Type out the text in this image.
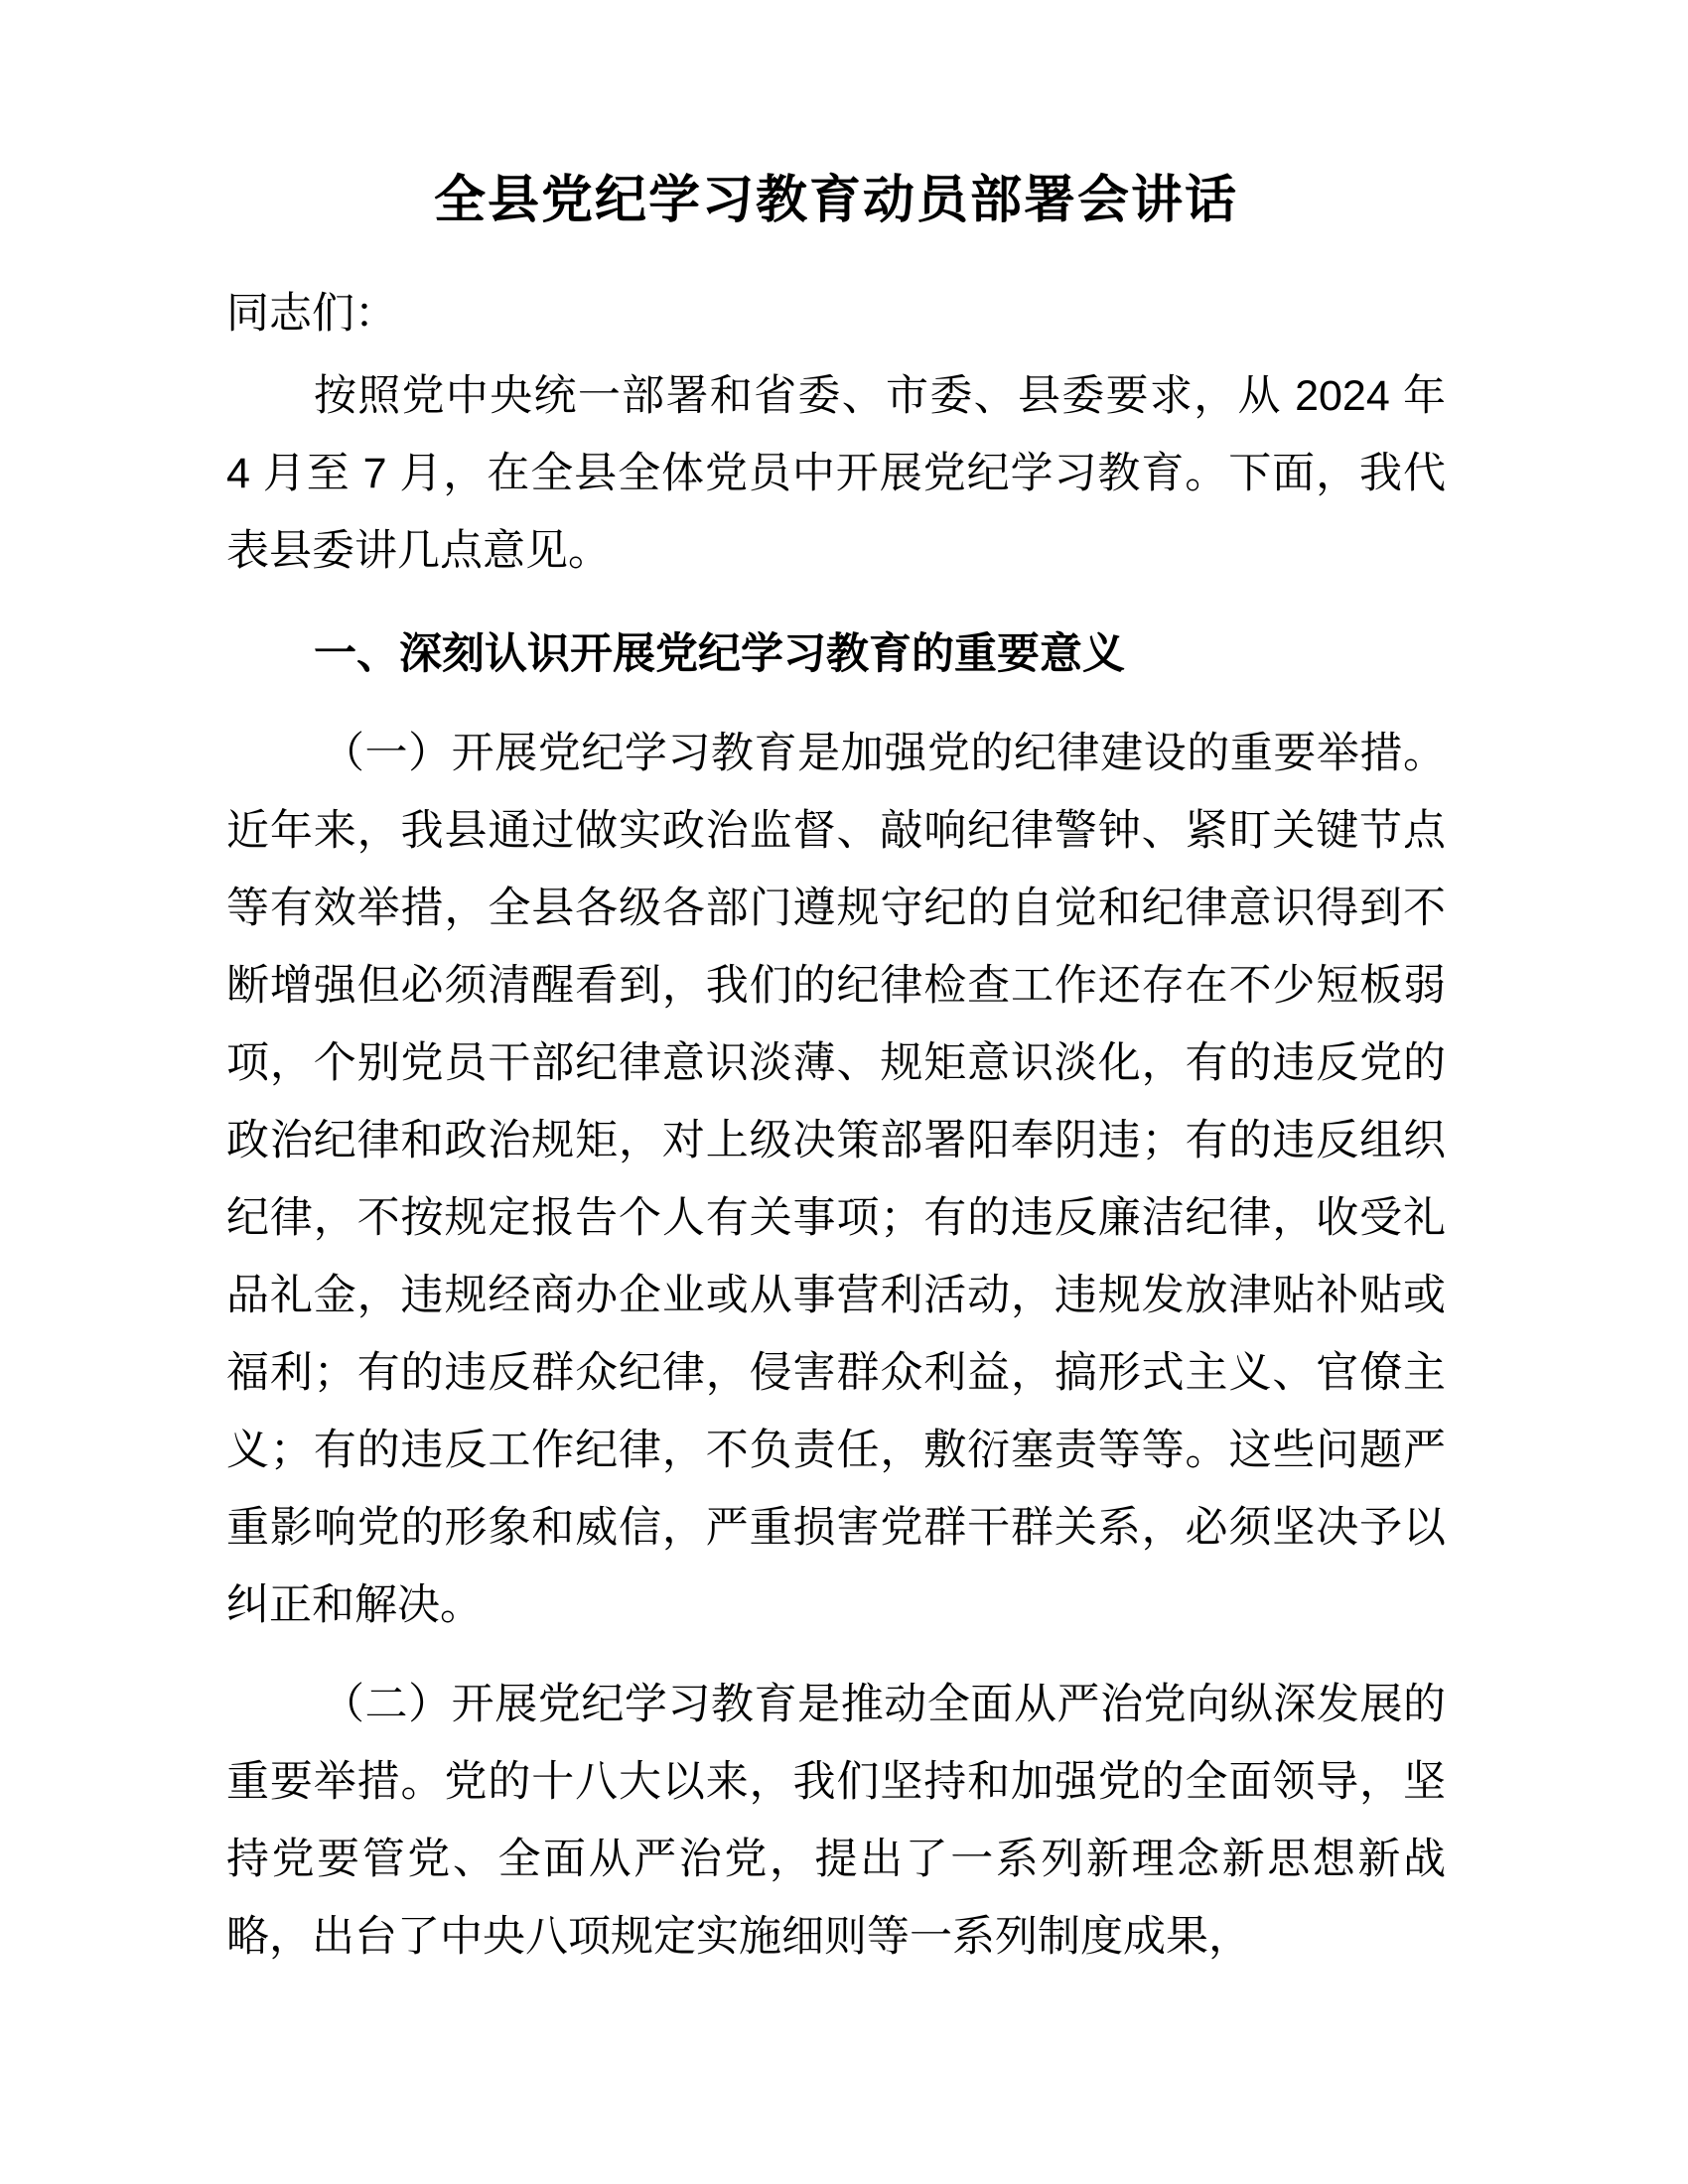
全县党纪学习教育动员部署会讲话

同志们：

按照党中央统一部署和省委、市委、县委要求，从 2024 年 4 月至 7 月，在全县全体党员中开展党纪学习教育。下面，我代表县委讲几点意见。

一、深刻认识开展党纪学习教育的重要意义

（一）开展党纪学习教育是加强党的纪律建设的重要举措。近年来，我县通过做实政治监督、敲响纪律警钟、紧盯关键节点等有效举措，全县各级各部门遵规守纪的自觉和纪律意识得到不断增强但必须清醒看到，我们的纪律检查工作还存在不少短板弱项，个别党员干部纪律意识淡薄、规矩意识淡化，有的违反党的政治纪律和政治规矩，对上级决策部署阳奉阴违；有的违反组织纪律，不按规定报告个人有关事项；有的违反廉洁纪律，收受礼品礼金，违规经商办企业或从事营利活动，违规发放津贴补贴或福利；有的违反群众纪律，侵害群众利益，搞形式主义、官僚主义；有的违反工作纪律，不负责任，敷衍塞责等等。这些问题严重影响党的形象和威信，严重损害党群干群关系，必须坚决予以纠正和解决。

（二）开展党纪学习教育是推动全面从严治党向纵深发展的重要举措。党的十八大以来，我们坚持和加强党的全面领导，坚持党要管党、全面从严治党，提出了一系列新理念新思想新战略，出台了中央八项规定实施细则等一系列制度成果，
